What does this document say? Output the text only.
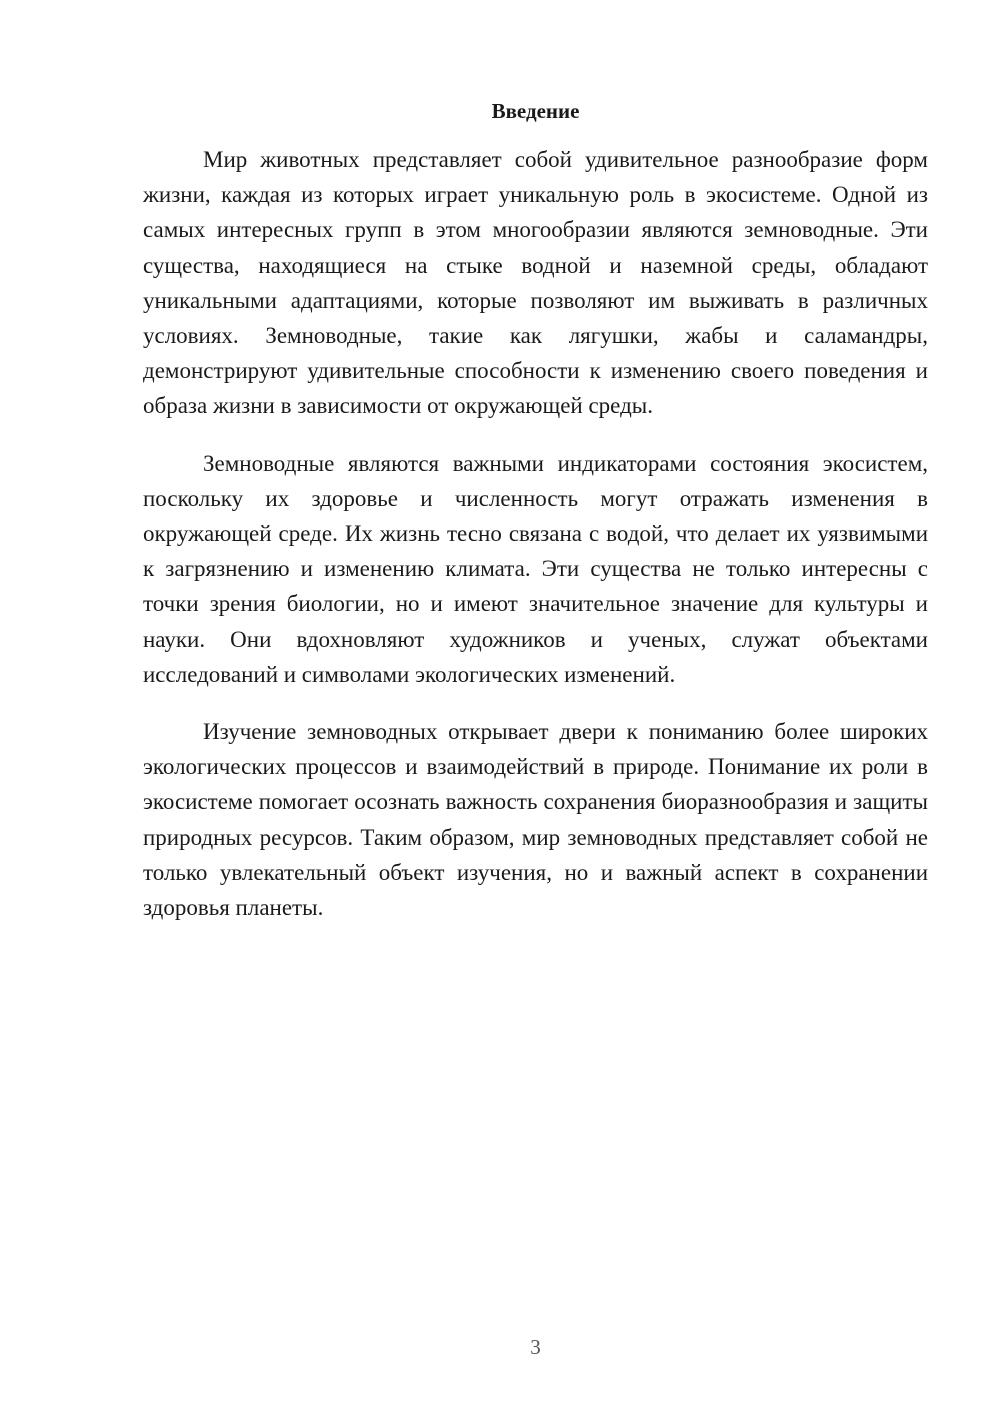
Введение

Мир животных представляет собой удивительное разнообразие форм жизни, каждая из которых играет уникальную роль в экосистеме. Одной из самых интересных групп в этом многообразии являются земноводные. Эти существа, находящиеся на стыке водной и наземной среды, обладают уникальными адаптациями, которые позволяют им выживать в различных условиях. Земноводные, такие как лягушки, жабы и саламандры, демонстрируют удивительные способности к изменению своего поведения и образа жизни в зависимости от окружающей среды.

Земноводные являются важными индикаторами состояния экосистем, поскольку их здоровье и численность могут отражать изменения в окружающей среде. Их жизнь тесно связана с водой, что делает их уязвимыми к загрязнению и изменению климата. Эти существа не только интересны с точки зрения биологии, но и имеют значительное значение для культуры и науки. Они вдохновляют художников и ученых, служат объектами исследований и символами экологических изменений.

Изучение земноводных открывает двери к пониманию более широких экологических процессов и взаимодействий в природе. Понимание их роли в экосистеме помогает осознать важность сохранения биоразнообразия и защиты природных ресурсов. Таким образом, мир земноводных представляет собой не только увлекательный объект изучения, но и важный аспект в сохранении здоровья планеты.

3
